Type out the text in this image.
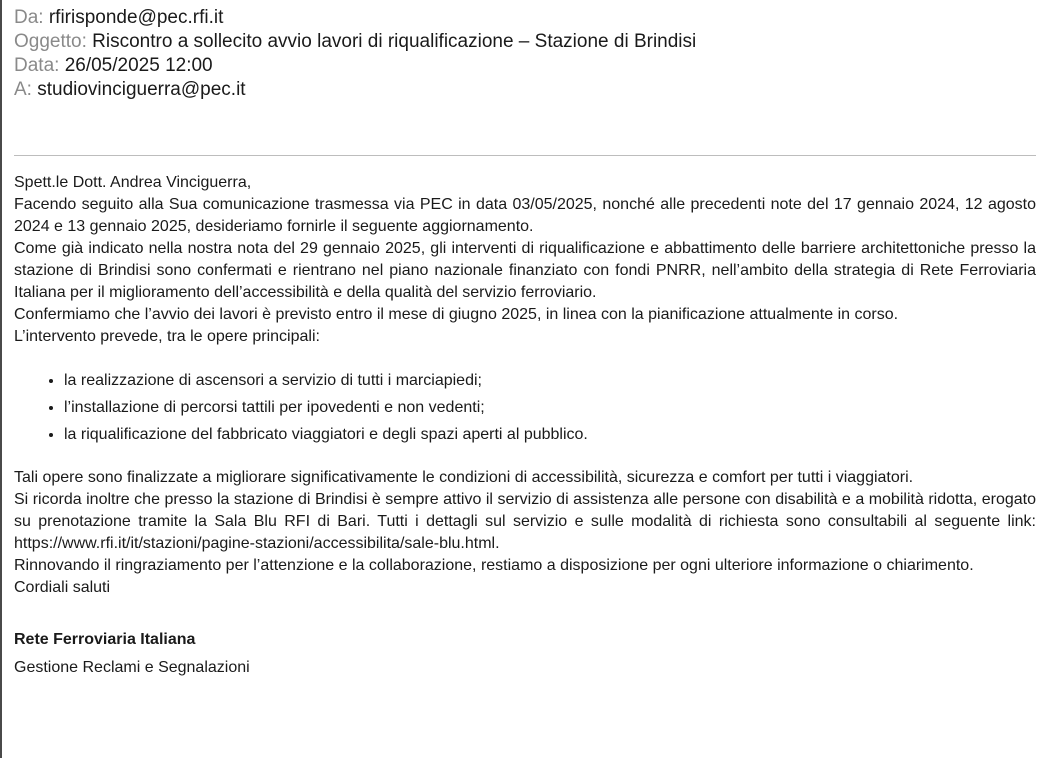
Da: rfirisponde@pec.rfi.it
Oggetto: Riscontro a sollecito avvio lavori di riqualificazione – Stazione di Brindisi
Data: 26/05/2025 12:00
A: studiovinciguerra@pec.it

Spett.le Dott. Andrea Vinciguerra,

Facendo seguito alla Sua comunicazione trasmessa via PEC in data 03/05/2025, nonché alle precedenti note del 17 gennaio 2024, 12 agosto 2024 e 13 gennaio 2025, desideriamo fornirle il seguente aggiornamento.

Come già indicato nella nostra nota del 29 gennaio 2025, gli interventi di riqualificazione e abbattimento delle barriere architettoniche presso la stazione di Brindisi sono confermati e rientrano nel piano nazionale finanziato con fondi PNRR, nell’ambito della strategia di Rete Ferroviaria Italiana per il miglioramento dell’accessibilità e della qualità del servizio ferroviario.

Confermiamo che l’avvio dei lavori è previsto entro il mese di giugno 2025, in linea con la pianificazione attualmente in corso.

L’intervento prevede, tra le opere principali:

• la realizzazione di ascensori a servizio di tutti i marciapiedi;
• l’installazione di percorsi tattili per ipovedenti e non vedenti;
• la riqualificazione del fabbricato viaggiatori e degli spazi aperti al pubblico.

Tali opere sono finalizzate a migliorare significativamente le condizioni di accessibilità, sicurezza e comfort per tutti i viaggiatori.

Si ricorda inoltre che presso la stazione di Brindisi è sempre attivo il servizio di assistenza alle persone con disabilità e a mobilità ridotta, erogato su prenotazione tramite la Sala Blu RFI di Bari. Tutti i dettagli sul servizio e sulle modalità di richiesta sono consultabili al seguente link: https://www.rfi.it/it/stazioni/pagine-stazioni/accessibilita/sale-blu.html.

Rinnovando il ringraziamento per l’attenzione e la collaborazione, restiamo a disposizione per ogni ulteriore informazione o chiarimento.

Cordiali saluti

Rete Ferroviaria Italiana
Gestione Reclami e Segnalazioni
